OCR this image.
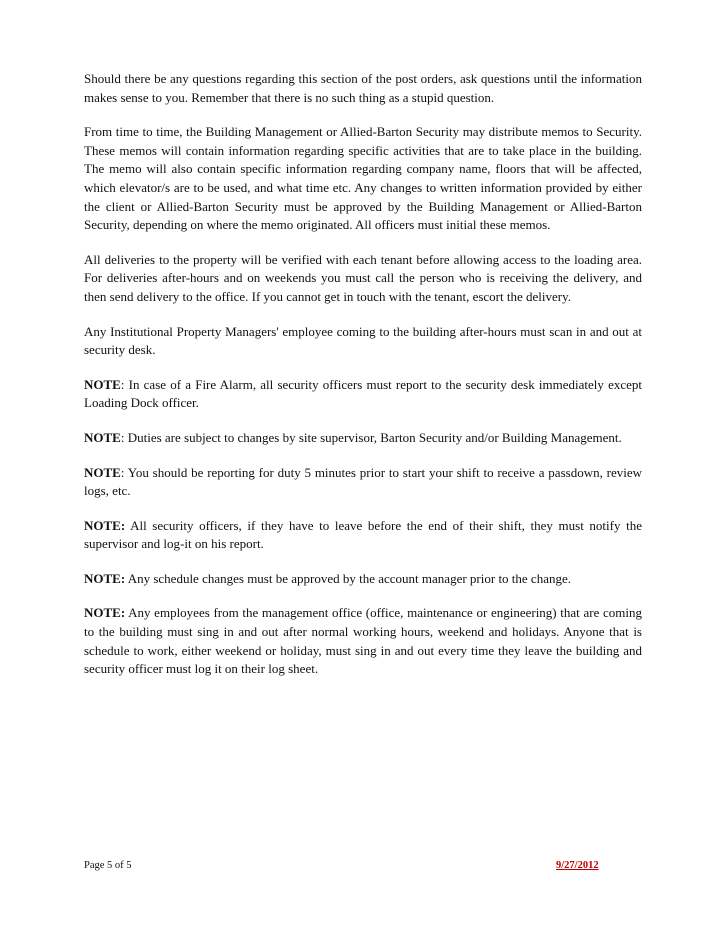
Should there be any questions regarding this section of the post orders, ask questions until the information makes sense to you. Remember that there is no such thing as a stupid question.

From time to time, the Building Management or Allied-Barton Security may distribute memos to Security. These memos will contain information regarding specific activities that are to take place in the building. The memo will also contain specific information regarding company name, floors that will be affected, which elevator/s are to be used, and what time etc. Any changes to written information provided by either the client or Allied-Barton Security must be approved by the Building Management or Allied-Barton Security, depending on where the memo originated. All officers must initial these memos.

All deliveries to the property will be verified with each tenant before allowing access to the loading area. For deliveries after-hours and on weekends you must call the person who is receiving the delivery, and then send delivery to the office. If you cannot get in touch with the tenant, escort the delivery.

Any Institutional Property Managers' employee coming to the building after-hours must scan in and out at security desk.

NOTE: In case of a Fire Alarm, all security officers must report to the security desk immediately except Loading Dock officer.

NOTE: Duties are subject to changes by site supervisor, Barton Security and/or Building Management.

NOTE: You should be reporting for duty 5 minutes prior to start your shift to receive a passdown, review logs, etc.

NOTE: All security officers, if they have to leave before the end of their shift, they must notify the supervisor and log-it on his report.

NOTE: Any schedule changes must be approved by the account manager prior to the change.

NOTE: Any employees from the management office (office, maintenance or engineering) that are coming to the building must sing in and out after normal working hours, weekend and holidays. Anyone that is schedule to work, either weekend or holiday, must sing in and out every time they leave the building and security officer must log it on their log sheet.

Page 5 of 5	9/27/2012
